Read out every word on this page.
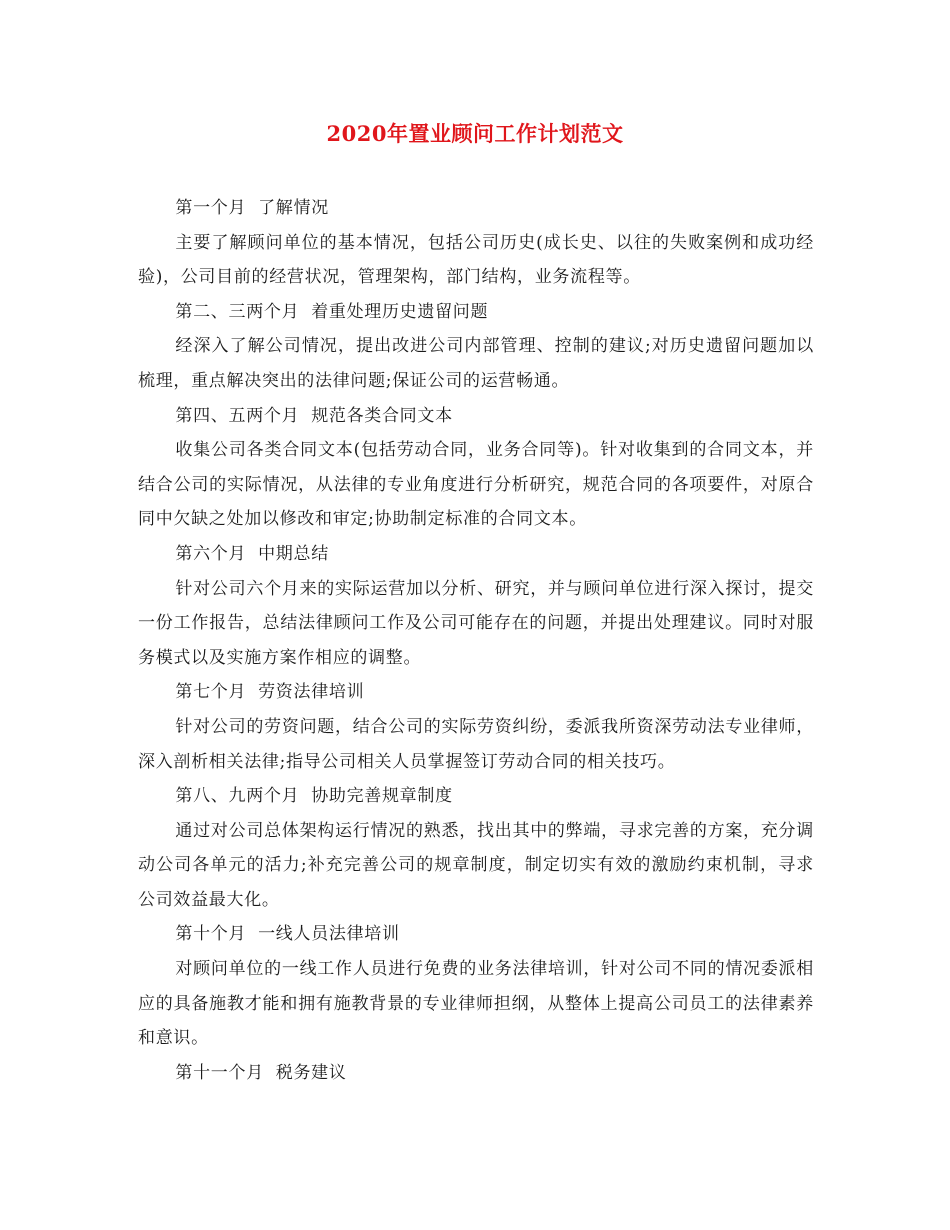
2020年置业顾问工作计划范文

第一个月 了解情况

主要了解顾问单位的基本情况，包括公司历史(成长史、以往的失败案例和成功经验)，公司目前的经营状况，管理架构，部门结构，业务流程等。

第二、三两个月 着重处理历史遗留问题

经深入了解公司情况，提出改进公司内部管理、控制的建议;对历史遗留问题加以梳理，重点解决突出的法律问题;保证公司的运营畅通。

第四、五两个月 规范各类合同文本

收集公司各类合同文本(包括劳动合同，业务合同等)。针对收集到的合同文本，并结合公司的实际情况，从法律的专业角度进行分析研究，规范合同的各项要件，对原合同中欠缺之处加以修改和审定;协助制定标准的合同文本。

第六个月 中期总结

针对公司六个月来的实际运营加以分析、研究，并与顾问单位进行深入探讨，提交一份工作报告，总结法律顾问工作及公司可能存在的问题，并提出处理建议。同时对服务模式以及实施方案作相应的调整。

第七个月 劳资法律培训

针对公司的劳资问题，结合公司的实际劳资纠纷，委派我所资深劳动法专业律师，深入剖析相关法律;指导公司相关人员掌握签订劳动合同的相关技巧。

第八、九两个月 协助完善规章制度

通过对公司总体架构运行情况的熟悉，找出其中的弊端，寻求完善的方案，充分调动公司各单元的活力;补充完善公司的规章制度，制定切实有效的激励约束机制，寻求公司效益最大化。

第十个月 一线人员法律培训

对顾问单位的一线工作人员进行免费的业务法律培训，针对公司不同的情况委派相应的具备施教才能和拥有施教背景的专业律师担纲，从整体上提高公司员工的法律素养和意识。

第十一个月 税务建议
